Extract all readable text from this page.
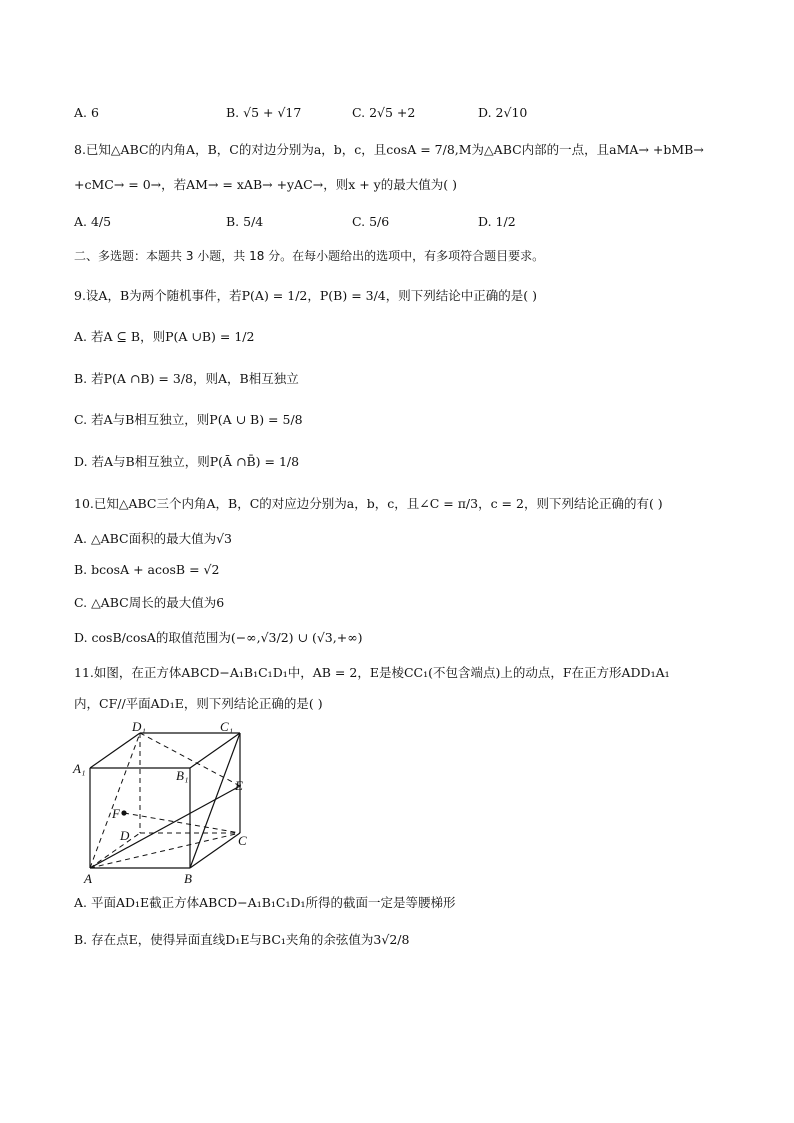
A. 6	B. √5 + √17	C. 2√5 +2	D. 2√10
8.已知△ABC的内角A，B，C的对边分别为a，b，c，且cosA = 7/8,M为△ABC内部的一点，且aMA→ +bMB→
+cMC→ = 0→，若AM→ = xAB→ +yAC→，则x + y的最大值为( )
A. 4/5	B. 5/4	C. 5/6	D. 1/2
二、多选题：本题共 3 小题，共 18 分。在每小题给出的选项中，有多项符合题目要求。
9.设A，B为两个随机事件，若P(A) = 1/2，P(B) = 3/4，则下列结论中正确的是( )
A. 若A ⊆ B，则P(A ∪B) = 1/2
B. 若P(A ∩B) = 3/8，则A，B相互独立
C. 若A与B相互独立，则P(A ∪ B) = 5/8
D. 若A与B相互独立，则P(Ā ∩B̄) = 1/8
10.已知△ABC三个内角A，B，C的对应边分别为a，b，c，且∠C = π/3，c = 2，则下列结论正确的有( )
A. △ABC面积的最大值为√3
B. bcosA + acosB = √2
C. △ABC周长的最大值为6
D. cosB/cosA的取值范围为(−∞,√3/2) ∪ (√3,+∞)
11.如图，在正方体ABCD−A₁B₁C₁D₁中，AB = 2，E是棱CC₁(不包含端点)上的动点，F在正方形ADD₁A₁
内，CF//平面AD₁E，则下列结论正确的是( )
D₁	C₁
A₁	B₁
E
F
D	C
A	B
A. 平面AD₁E截正方体ABCD−A₁B₁C₁D₁所得的截面一定是等腰梯形
B. 存在点E，使得异面直线D₁E与BC₁夹角的余弦值为3√2/8
